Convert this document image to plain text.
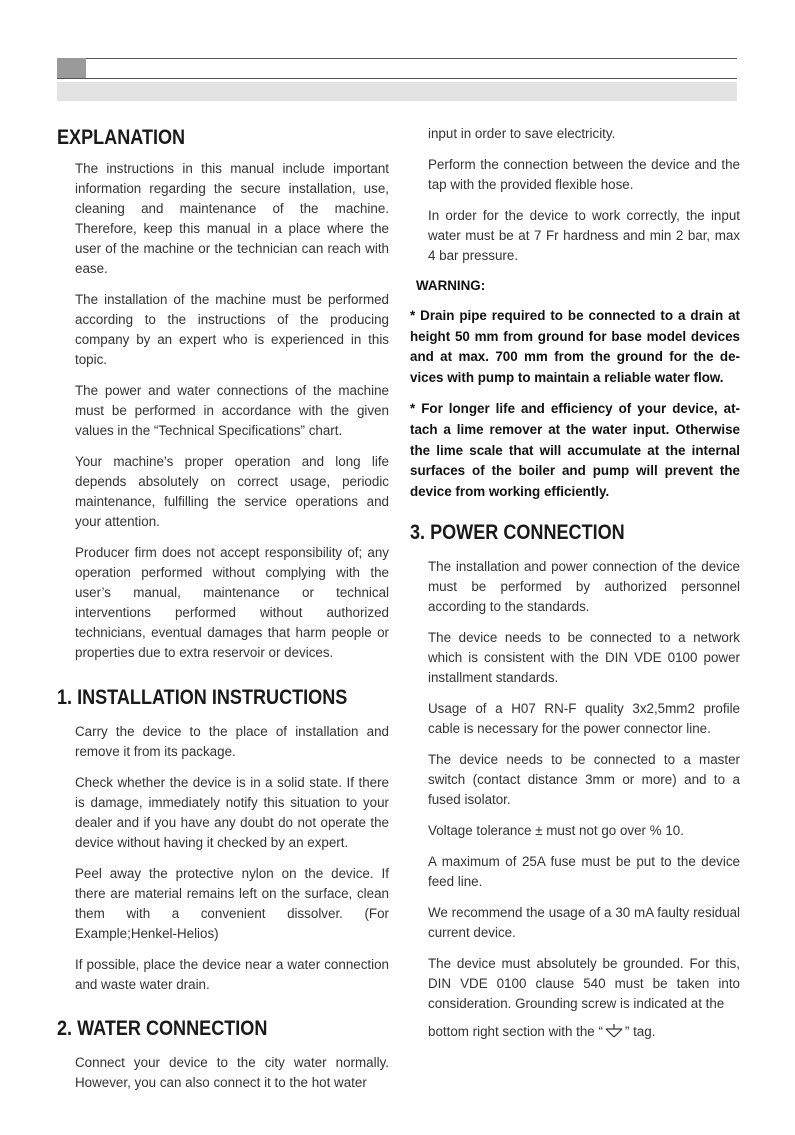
EXPLANATION

The instructions in this manual include important information regarding the secure installation, use, cleaning and maintenance of the machine. Therefore, keep this manual in a place where the user of the machine or the technician can reach with ease.

The installation of the machine must be performed according to the instructions of the producing company by an expert who is experienced in this topic.

The power and water connections of the machine must be performed in accordance with the given values in the “Technical Specifications” chart.

Your machine’s proper operation and long life depends absolutely on correct usage, periodic maintenance, fulfilling the service operations and your attention.

Producer firm does not accept responsibility of; any operation performed without complying with the user’s manual, maintenance or technical interventions performed without authorized technicians, eventual damages that harm people or properties due to extra reservoir or devices.

1. INSTALLATION INSTRUCTIONS

Carry the device to the place of installation and remove it from its package.

Check whether the device is in a solid state. If there is damage, immediately notify this situation to your dealer and if you have any doubt do not operate the device without having it checked by an expert.

Peel away the protective nylon on the device. If there are material remains left on the surface, clean them with a convenient dissolver. (For Example;Henkel-Helios)

If possible, place the device near a water connection and waste water drain.

2. WATER CONNECTION

Connect your device to the city water normally. However, you can also connect it to the hot water

input in order to save electricity.

Perform the connection between the device and the tap with the provided flexible hose.

In order for the device to work correctly, the input water must be at 7 Fr hardness and min 2 bar, max 4 bar pressure.

WARNING:

* Drain pipe required to be connected to a drain at height 50 mm from ground for base model devices and at max. 700 mm from the ground for the de-vices with pump to maintain a reliable water flow.

* For longer life and efficiency of your device, at-tach a lime remover at the water input. Otherwise the lime scale that will accumulate at the internal surfaces of the boiler and pump will prevent the device from working efficiently.

3. POWER CONNECTION

The installation and power connection of the device must be performed by authorized personnel according to the standards.

The device needs to be connected to a network which is consistent with the DIN VDE 0100 power installment standards.

Usage of a H07 RN-F quality 3x2,5mm2 profile cable is necessary for the power connector line.

The device needs to be connected to a master switch (contact distance 3mm or more) and to a fused isolator.

Voltage tolerance ± must not go over % 10.

A maximum of 25A fuse must be put to the device feed line.

We recommend the usage of a 30 mA faulty residual current device.

The device must absolutely be grounded. For this, DIN VDE 0100 clause 540 must be taken into consideration. Grounding screw is indicated at the

bottom right section with the “ ” tag.
